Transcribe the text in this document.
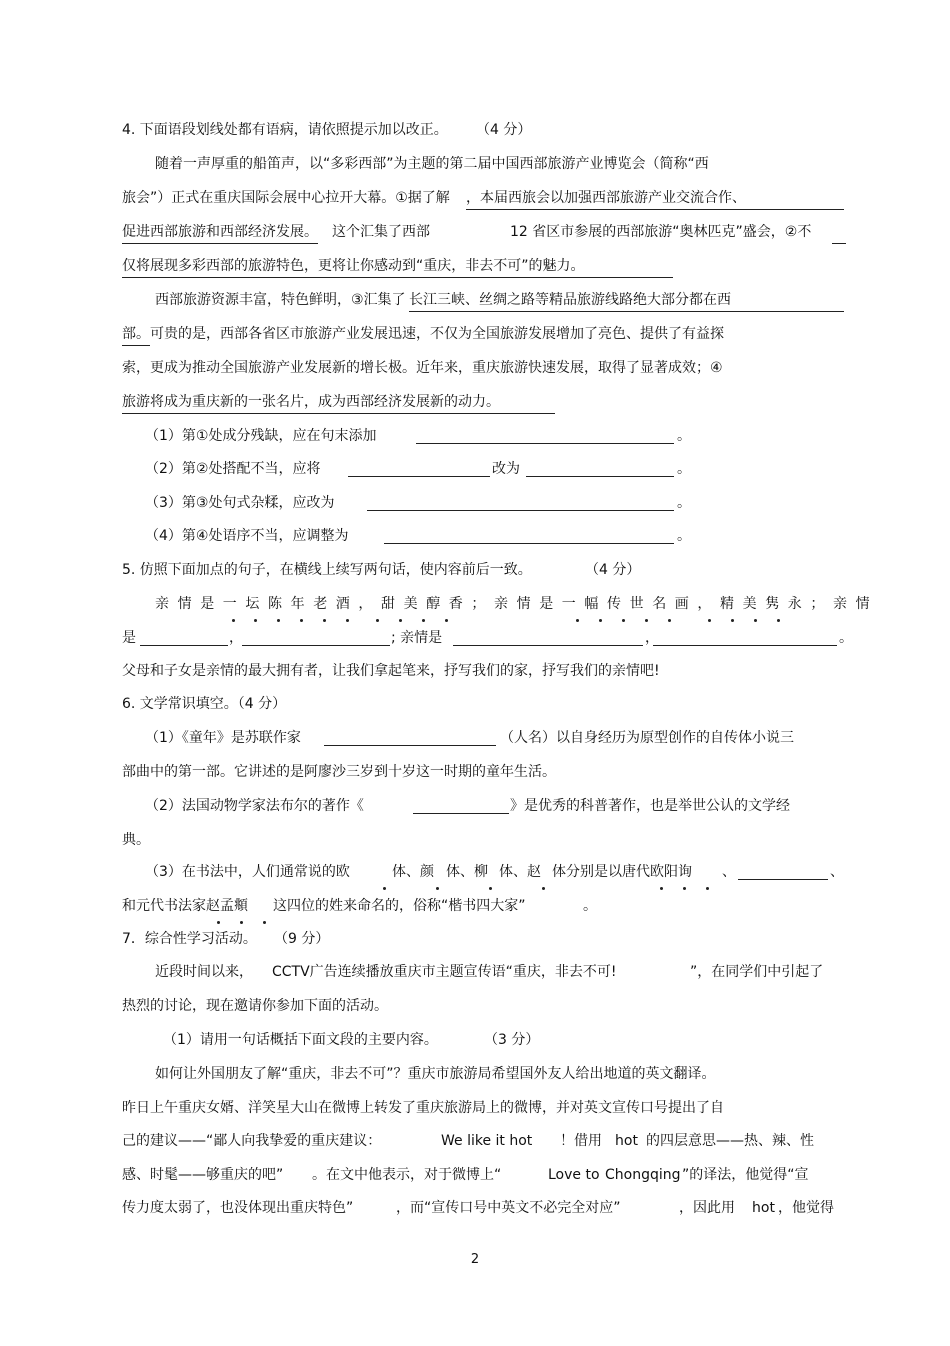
4. 下面语段划线处都有语病，请依照提示加以改正。 （4 分）
随着一声厚重的船笛声，以“多彩西部”为主题的第二届中国西部旅游产业博览会（简称“西
旅会”）正式在重庆国际会展中心拉开大幕。①据了解 ，本届西旅会以加强西部旅游产业交流合作、
促进西部旅游和西部经济发展。 这个汇集了西部	12 省区市参展的西部旅游“奥林匹克”盛会，②不
仅将展现多彩西部的旅游特色，更将让你感动到“重庆，非去不可”的魅力。
西部旅游资源丰富，特色鲜明，③汇集了 长江三峡、丝绸之路等精品旅游线路绝大部分都在西
部。 可贵的是，西部各省区市旅游产业发展迅速，不仅为全国旅游发展增加了亮色、提供了有益探
索，更成为推动全国旅游产业发展新的增长极。近年来，重庆旅游快速发展，取得了显著成效；④
旅游将成为重庆新的一张名片，成为西部经济发展新的动力。
（1）第①处成分残缺，应在句末添加	。
（2）第②处搭配不当，应将	改为	。
（3）第③处句式杂糅，应改为	。
（4）第④处语序不当，应调整为	。
5. 仿照下面加点的句子，在横线上续写两句话，使内容前后一致。	（4 分）
亲情是一坛陈年老酒，甜美醇香；亲情是一幅传世名画，精美隽永；亲情
是	，	; 亲情是	，	。
父母和子女是亲情的最大拥有者，让我们拿起笔来，抒写我们的家，抒写我们的亲情吧!
6. 文学常识填空。（4 分）
（1）《童年》是苏联作家	（人名）以自身经历为原型创作的自传体小说三
部曲中的第一部。它讲述的是阿廖沙三岁到十岁这一时期的童年生活。
（2）法国动物学家法布尔的著作《	》是优秀的科普著作，也是举世公认的文学经
典。
（3）在书法中，人们通常说的欧	体、颜 体、柳 体、赵 体分别是以唐代欧阳询 、	、
和元代书法家赵孟頫 这四位的姓来命名的，俗称“楷书四大家”	。
7．综合性学习活动。 （9 分）
近段时间以来， CCTV广告连续播放重庆市主题宣传语“重庆，非去不可!	”，在同学们中引起了
热烈的讨论，现在邀请你参加下面的活动。
（1）请用一句话概括下面文段的主要内容。	（3 分）
如何让外国朋友了解“重庆，非去不可”？重庆市旅游局希望国外友人给出地道的英文翻译。
昨日上午重庆女婿、洋笑星大山在微博上转发了重庆旅游局上的微博，并对英文宣传口号提出了自
己的建议——“鄙人向我挚爱的重庆建议：	We like it hot ！借用 hot 的四层意思——热、辣、性
感、时髦——够重庆的吧” 。在文中他表示，对于微博上“	Love to Chongqing ”的译法，他觉得“宣
传力度太弱了，也没体现出重庆特色”	，而“宣传口号中英文不必完全对应”	，因此用 hot ，他觉得
2
